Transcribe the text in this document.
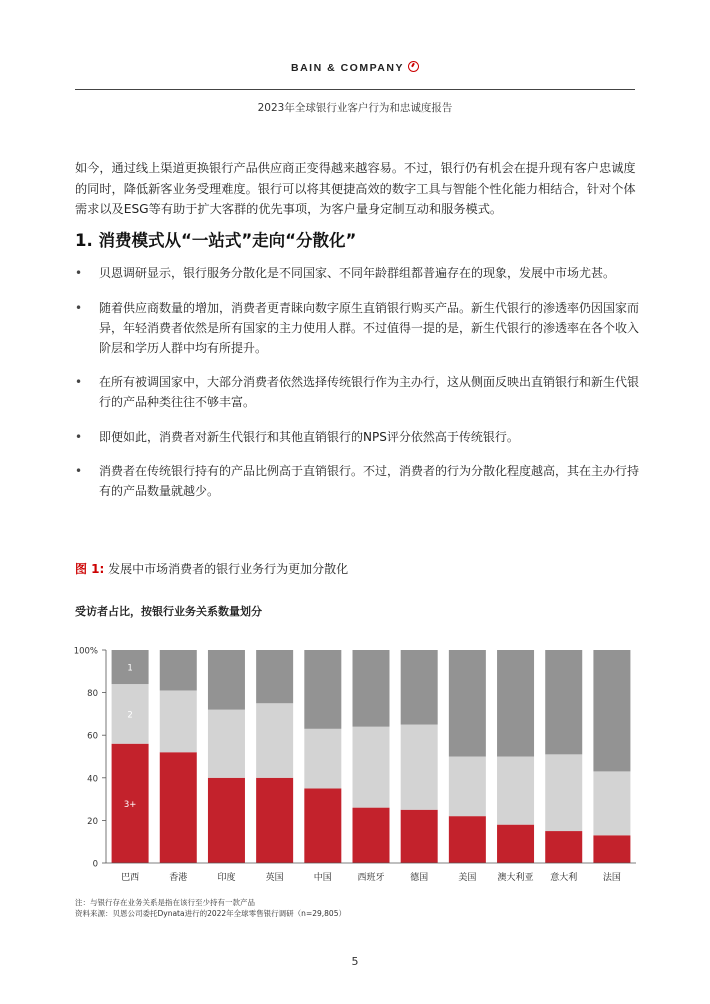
BAIN & COMPANY
2023年全球银行业客户行为和忠诚度报告

如今，通过线上渠道更换银行产品供应商正变得越来越容易。不过，银行仍有机会在提升现有客户忠诚度的同时，降低新客业务受理难度。银行可以将其便捷高效的数字工具与智能个性化能力相结合，针对个体需求以及ESG等有助于扩大客群的优先事项，为客户量身定制互动和服务模式。

1. 消费模式从“一站式”走向“分散化”
• 贝恩调研显示，银行服务分散化是不同国家、不同年龄群组都普遍存在的现象，发展中市场尤甚。
• 随着供应商数量的增加，消费者更青睐向数字原生直销银行购买产品。新生代银行的渗透率仍因国家而异，年轻消费者依然是所有国家的主力使用人群。不过值得一提的是，新生代银行的渗透率在各个收入阶层和学历人群中均有所提升。
• 在所有被调国家中，大部分消费者依然选择传统银行作为主办行，这从侧面反映出直销银行和新生代银行的产品种类往往不够丰富。
• 即便如此，消费者对新生代银行和其他直销银行的NPS评分依然高于传统银行。
• 消费者在传统银行持有的产品比例高于直销银行。不过，消费者的行为分散化程度越高，其在主办行持有的产品数量就越少。
图 1: 发展中市场消费者的银行业务行为更加分散化
受访者占比，按银行业务关系数量划分
0
20
40
60
80
100%
3+
2
1
巴西	香港	印度	英国	中国	西班牙	德国	美国 澳大利亚 意大利	法国
注：与银行存在业务关系是指在该行至少持有一款产品
资料来源：贝恩公司委托Dynata进行的2022年全球零售银行调研（n=29,805）
5
